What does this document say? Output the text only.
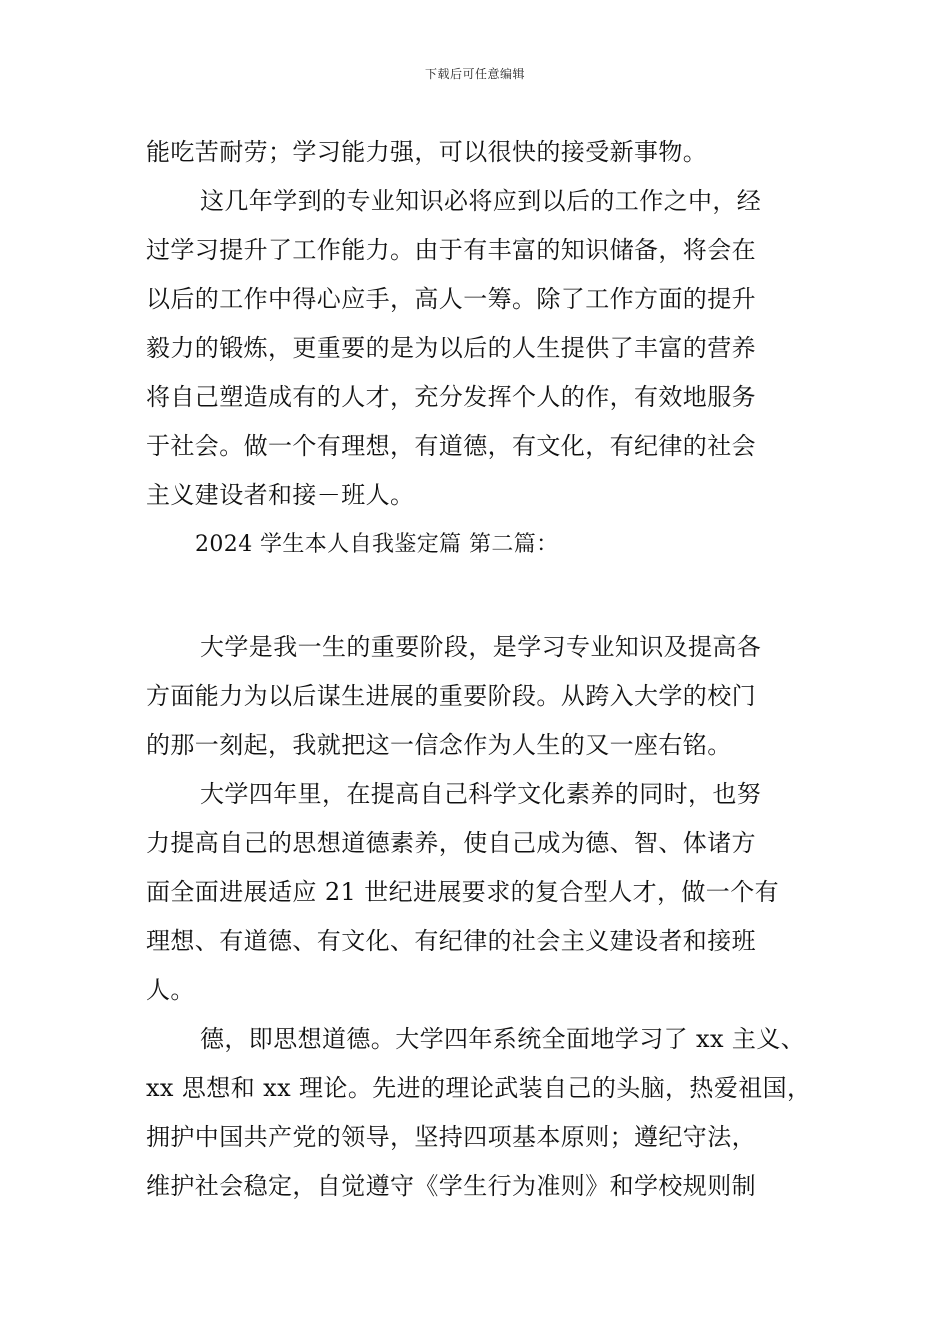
下载后可任意编辑
能吃苦耐劳；学习能力强，可以很快的接受新事物。
这几年学到的专业知识必将应到以后的工作之中，经
过学习提升了工作能力。由于有丰富的知识储备，将会在
以后的工作中得心应手，高人一筹。除了工作方面的提升
毅力的锻炼，更重要的是为以后的人生提供了丰富的营养
将自己塑造成有的人才，充分发挥个人的作，有效地服务
于社会。做一个有理想，有道德，有文化，有纪律的社会
主义建设者和接－班人。
2024 学生本人自我鉴定篇 第二篇：
大学是我一生的重要阶段，是学习专业知识及提高各
方面能力为以后谋生进展的重要阶段。从跨入大学的校门
的那一刻起，我就把这一信念作为人生的又一座右铭。
大学四年里，在提高自己科学文化素养的同时，也努
力提高自己的思想道德素养，使自己成为德、智、体诸方
面全面进展适应 21 世纪进展要求的复合型人才，做一个有
理想、有道德、有文化、有纪律的社会主义建设者和接班
人。
德，即思想道德。大学四年系统全面地学习了 xx 主义、
xx 思想和 xx 理论。先进的理论武装自己的头脑，热爱祖国，
拥护中国共产党的领导，坚持四项基本原则；遵纪守法，
维护社会稳定，自觉遵守《学生行为准则》和学校规则制
